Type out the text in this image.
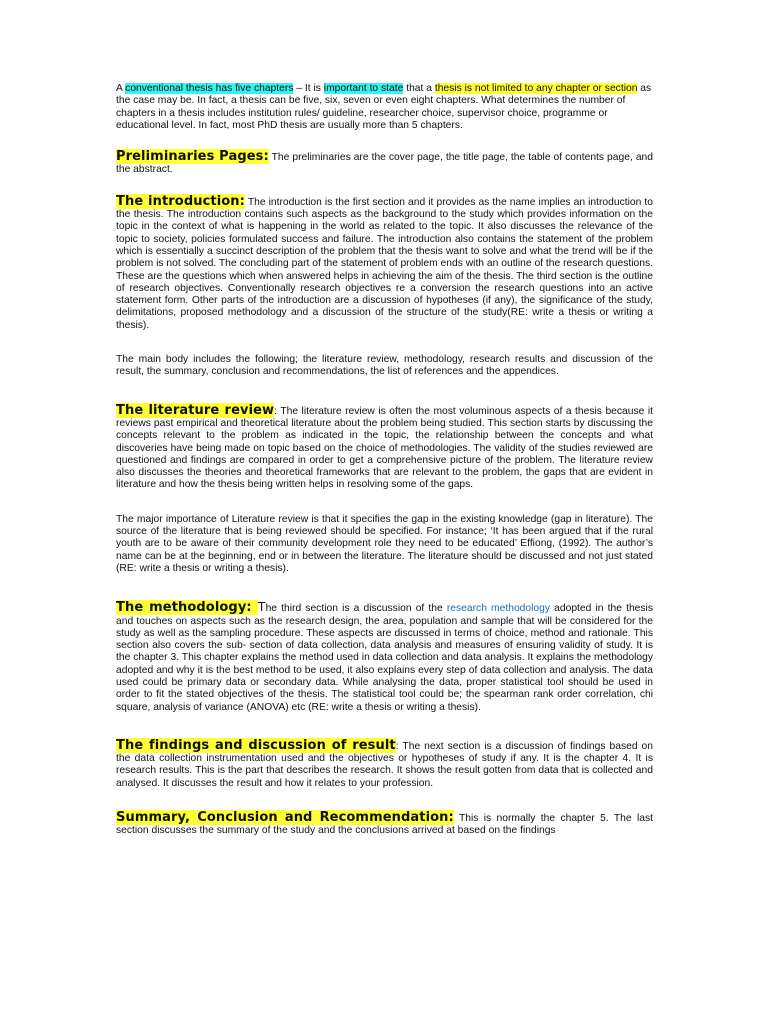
A conventional thesis has five chapters – It is important to state that a thesis is not limited to any chapter or section as the case may be. In fact, a thesis can be five, six, seven or even eight chapters. What determines the number of chapters in a thesis includes institution rules/ guideline, researcher choice, supervisor choice, programme or educational level. In fact, most PhD thesis are usually more than 5 chapters.

Preliminaries Pages: The preliminaries are the cover page, the title page, the table of contents page, and the abstract.

The introduction: The introduction is the first section and it provides as the name implies an introduction to the thesis. The introduction contains such aspects as the background to the study which provides information on the topic in the context of what is happening in the world as related to the topic. It also discusses the relevance of the topic to society, policies formulated success and failure. The introduction also contains the statement of the problem which is essentially a succinct description of the problem that the thesis want to solve and what the trend will be if the problem is not solved. The concluding part of the statement of problem ends with an outline of the research questions. These are the questions which when answered helps in achieving the aim of the thesis. The third section is the outline of research objectives. Conventionally research objectives re a conversion the research questions into an active statement form. Other parts of the introduction are a discussion of hypotheses (if any), the significance of the study, delimitations, proposed methodology and a discussion of the structure of the study(RE: write a thesis or writing a thesis).

The main body includes the following; the literature review, methodology, research results and discussion of the result, the summary, conclusion and recommendations, the list of references and the appendices.

The literature review: The literature review is often the most voluminous aspects of a thesis because it reviews past empirical and theoretical literature about the problem being studied. This section starts by discussing the concepts relevant to the problem as indicated in the topic, the relationship between the concepts and what discoveries have being made on topic based on the choice of methodologies. The validity of the studies reviewed are questioned and findings are compared in order to get a comprehensive picture of the problem. The literature review also discusses the theories and theoretical frameworks that are relevant to the problem, the gaps that are evident in literature and how the thesis being written helps in resolving some of the gaps.

The major importance of Literature review is that it specifies the gap in the existing knowledge (gap in literature). The source of the literature that is being reviewed should be specified. For instance; ‘It has been argued that if the rural youth are to be aware of their community development role they need to be educated’ Effiong, (1992). The author’s name can be at the beginning, end or in between the literature. The literature should be discussed and not just stated (RE: write a thesis or writing a thesis).

The methodology: The third section is a discussion of the research methodology adopted in the thesis and touches on aspects such as the research design, the area, population and sample that will be considered for the study as well as the sampling procedure. These aspects are discussed in terms of choice, method and rationale. This section also covers the sub- section of data collection, data analysis and measures of ensuring validity of study. It is the chapter 3. This chapter explains the method used in data collection and data analysis. It explains the methodology adopted and why it is the best method to be used, it also explains every step of data collection and analysis. The data used could be primary data or secondary data. While analysing the data, proper statistical tool should be used in order to fit the stated objectives of the thesis. The statistical tool could be; the spearman rank order correlation, chi square, analysis of variance (ANOVA) etc (RE: write a thesis or writing a thesis).

The findings and discussion of result: The next section is a discussion of findings based on the data collection instrumentation used and the objectives or hypotheses of study if any. It is the chapter 4. It is research results. This is the part that describes the research. It shows the result gotten from data that is collected and analysed. It discusses the result and how it relates to your profession.

Summary, Conclusion and Recommendation: This is normally the chapter 5. The last section discusses the summary of the study and the conclusions arrived at based on the findings
